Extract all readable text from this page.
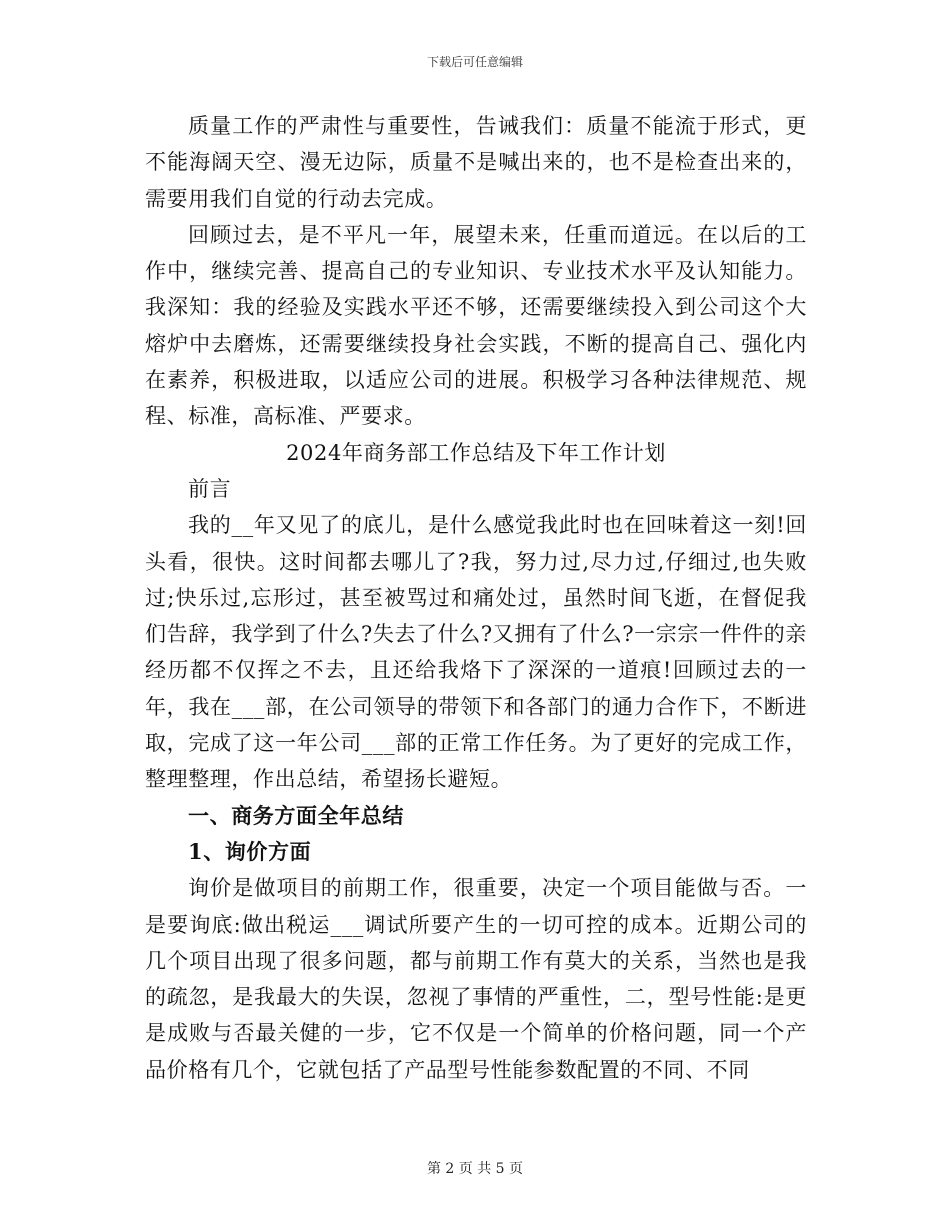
下载后可任意编辑

质量工作的严肃性与重要性，告诫我们：质量不能流于形式，更不能海阔天空、漫无边际，质量不是喊出来的，也不是检查出来的，需要用我们自觉的行动去完成。

回顾过去，是不平凡一年，展望未来，任重而道远。在以后的工作中，继续完善、提高自己的专业知识、专业技术水平及认知能力。我深知：我的经验及实践水平还不够，还需要继续投入到公司这个大熔炉中去磨炼，还需要继续投身社会实践，不断的提高自己、强化内在素养，积极进取，以适应公司的进展。积极学习各种法律规范、规程、标准，高标准、严要求。

2024年商务部工作总结及下年工作计划

前言

我的__年又见了的底儿，是什么感觉我此时也在回味着这一刻!回头看，很快。这时间都去哪儿了?我，努力过,尽力过,仔细过,也失败过;快乐过,忘形过，甚至被骂过和痛处过，虽然时间飞逝，在督促我们告辞，我学到了什么?失去了什么?又拥有了什么?一宗宗一件件的亲经历都不仅挥之不去，且还给我烙下了深深的一道痕!回顾过去的一年，我在___部，在公司领导的带领下和各部门的通力合作下，不断进取，完成了这一年公司___部的正常工作任务。为了更好的完成工作，整理整理，作出总结，希望扬长避短。

一、商务方面全年总结
1、询价方面

询价是做项目的前期工作，很重要，决定一个项目能做与否。一是要询底:做出税运___调试所要产生的一切可控的成本。近期公司的几个项目出现了很多问题，都与前期工作有莫大的关系，当然也是我的疏忽，是我最大的失误，忽视了事情的严重性，二，型号性能:是更是成败与否最关健的一步，它不仅是一个简单的价格问题，同一个产品价格有几个，它就包括了产品型号性能参数配置的不同、不同

第 2 页 共 5 页
